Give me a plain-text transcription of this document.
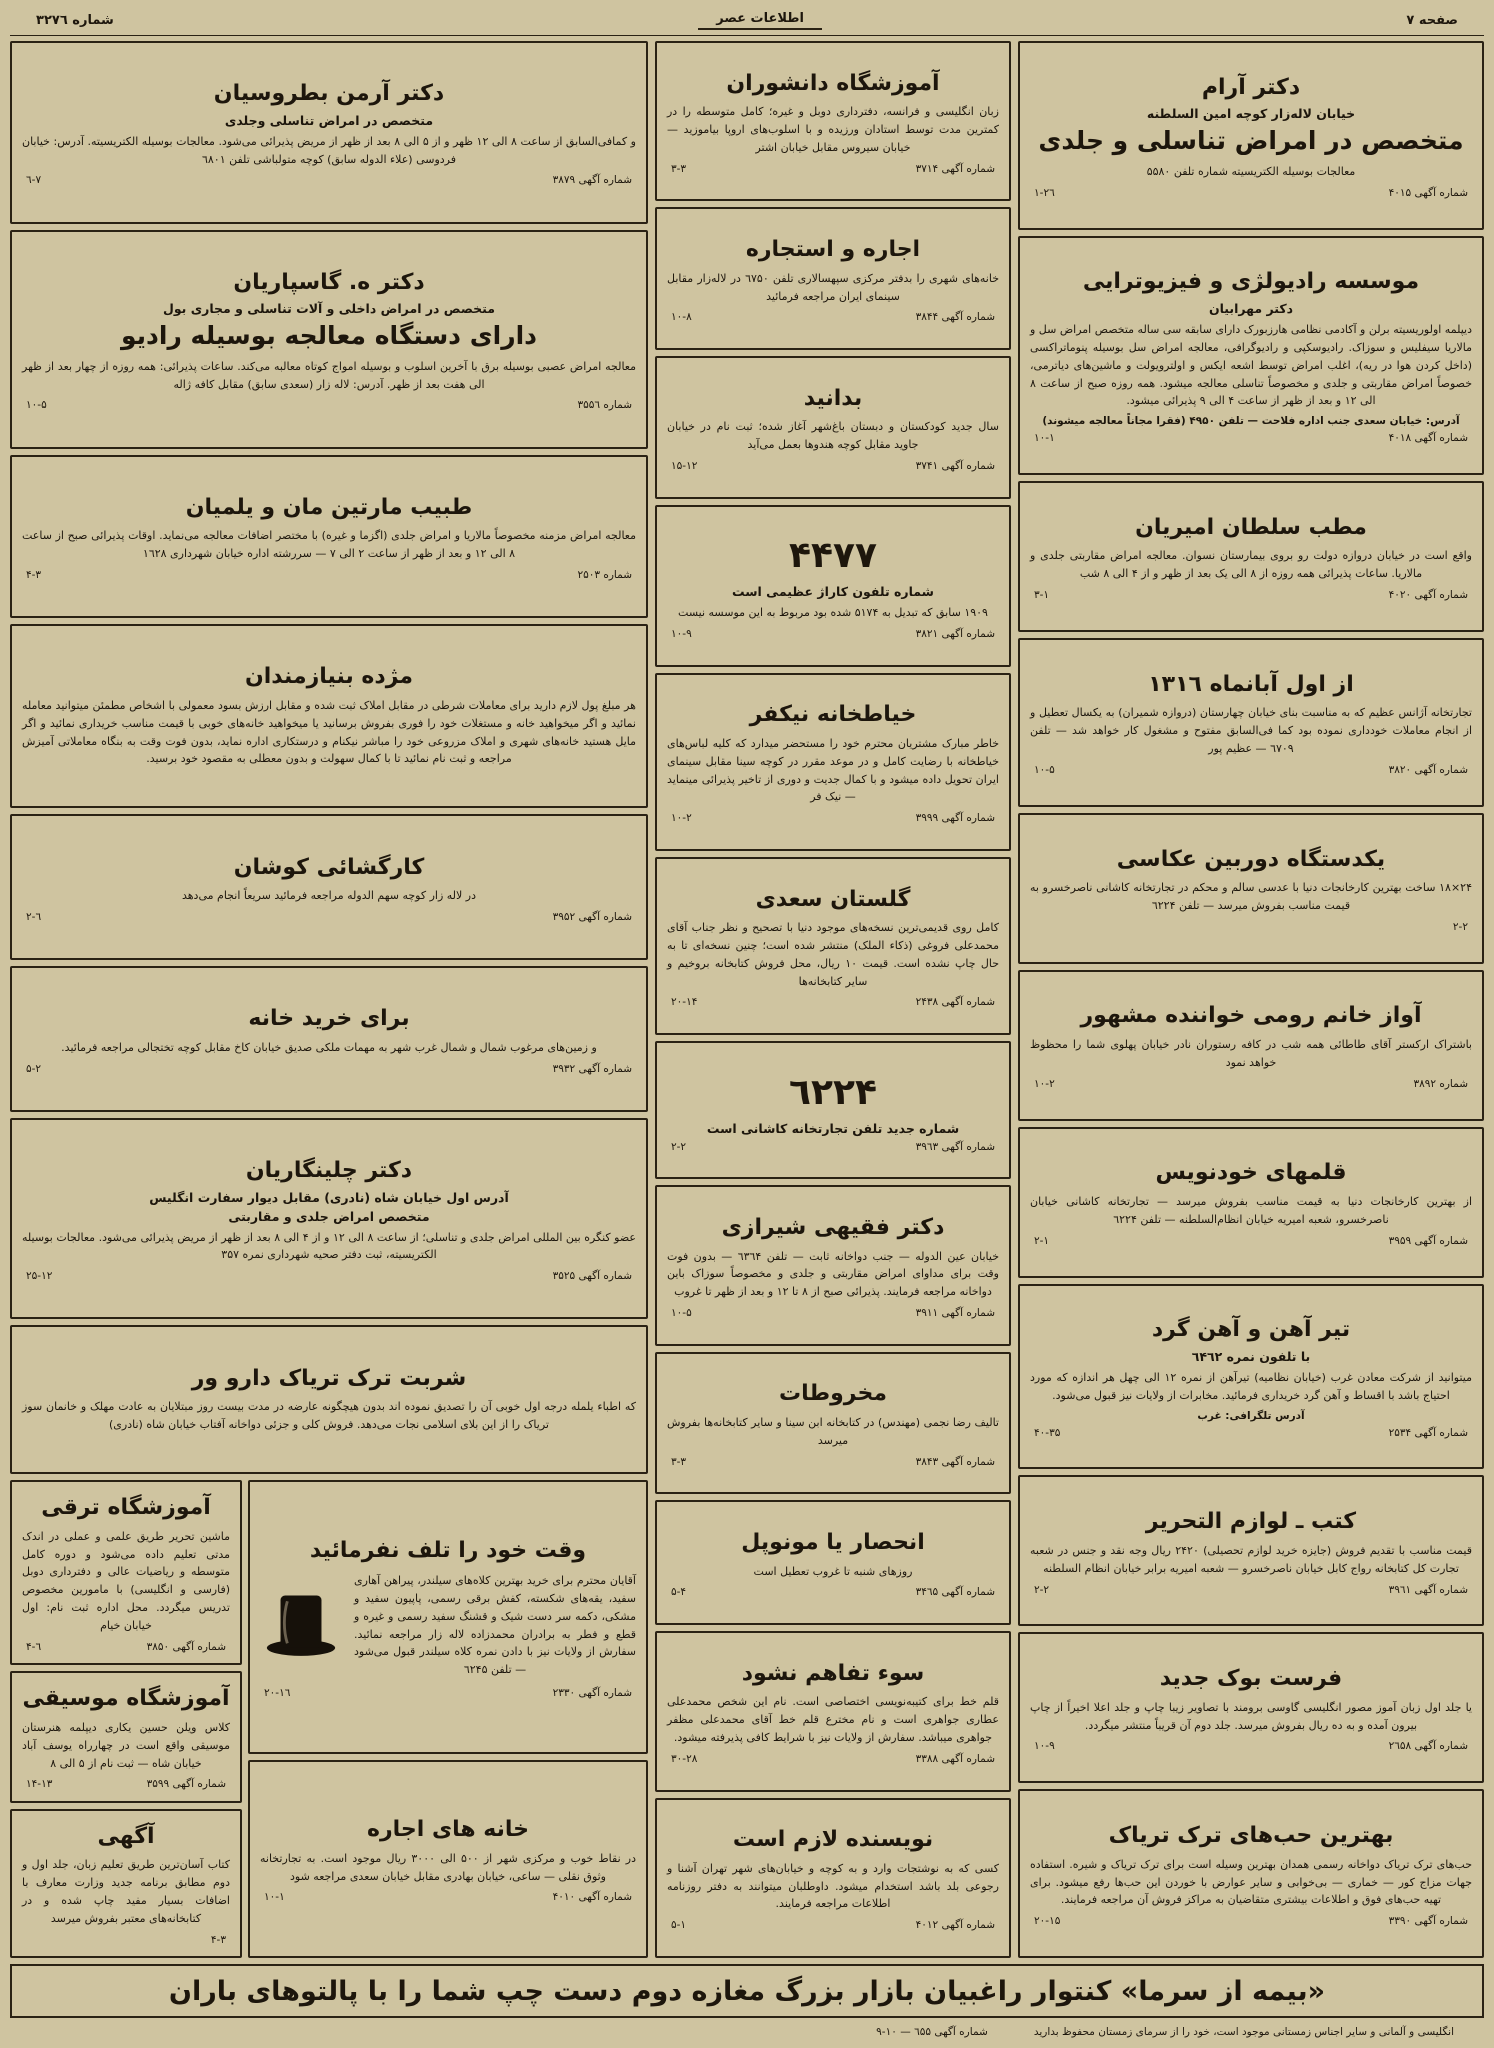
صفحه ۷
اطلاعات عصر
شماره ۳۲۷٦
دکتر آرام
خیابان لاله‌زار کوچه امین السلطنه
متخصص در امراض تناسلی و جلدی

معالجات بوسیله الکتریسیته شماره تلفن ۵۵۸۰

شماره آگهی ۴۰۱۵
۲٦-۱
موسسه رادیولژی و فیزیوترایی
دکتر مهرابیان

دیپلمه اولوریسیته برلن و آکادمی نظامی هارزبورک دارای سابقه سی ساله متخصص امراض سل و مالاریا سیفلیس و سوزاک. رادیوسکپی و رادیوگرافی، معالجه امراض سل بوسیله پنوماتراکسی (داخل کردن هوا در ریه)، اغلب امراض توسط اشعه ایکس و اولترویولت و ماشین‌های دیاترمی، خصوصاً امراض مقاربتی و جلدی و مخصوصاً تناسلی معالجه میشود. همه روزه صبح از ساعت ۸ الی ۱۲ و بعد از ظهر از ساعت ۴ الی ۹ پذیرائی میشود.

آدرس: خیابان سعدی جنب اداره فلاحت — تلفن ۴۹۵۰ (فقرا مجاناً معالجه میشوند)

شماره آگهی ۴۰۱۸
۱۰-۱
مطب سلطان امیریان

واقع است در خیابان دروازه دولت رو بروی بیمارستان نسوان. معالجه امراض مقاربتی جلدی و مالاریا. ساعات پذیرائی همه روزه از ۸ الی یک بعد از ظهر و از ۴ الی ۸ شب

شماره آگهی ۴۰۲۰
۳-۱
از اول آبانماه ۱۳۱٦

تجارتخانه آژانس عظیم که به مناسبت بنای خیابان چهارستان (دروازه شمیران) به یکسال تعطیل و از انجام معاملات خودداری نموده بود کما فی‌السابق مفتوح و مشغول کار خواهد شد — تلفن ٦۷۰۹ — عظیم پور

شماره آگهی ۳۸۲۰
۱۰-۵
یکدستگاه دوربین عکاسی

۲۴×۱۸ ساخت بهترین کارخانجات دنیا با عدسی سالم و محکم در تجارتخانه کاشانی ناصرخسرو به قیمت مناسب بفروش میرسد — تلفن ٦۲۲۴

۲-۲
آواز خانم رومی خواننده مشهور

باشتراک ارکستر آقای طاطائی همه شب در کافه رستوران نادر خیابان پهلوی شما را محظوظ خواهد نمود

شماره ۳۸۹۲
۱۰-۲
قلمهای خودنویس

از بهترین کارخانجات دنیا به قیمت مناسب بفروش میرسد — تجارتخانه کاشانی خیابان ناصرخسرو، شعبه امیریه خیابان انظام‌السلطنه — تلفن ٦۲۲۴

شماره آگهی ۳۹۵۹
۲-۱
تیر آهن و آهن گرد
با تلفون نمره ٦۴٦۲

میتوانید از شرکت معادن غرب (خیابان نظامیه) تیرآهن از نمره ۱۲ الی چهل هر اندازه که مورد احتیاج باشد با اقساط و آهن گرد خریداری فرمائید. مخابرات از ولایات نیز قبول می‌شود.

آدرس تلگرافی: غرب

شماره آگهی ۲۵۳۴
۴۰-۳۵
کتب ـ لوازم التحریر

قیمت مناسب با تقدیم فروش (جایزه خرید لوازم تحصیلی) ۲۴۲۰ ریال وجه نقد و جنس در شعبه تجارت کل کتابخانه رواج کابل خیابان ناصرخسرو — شعبه امیریه برابر خیابان انظام السلطنه

شماره آگهی ۳۹٦۱
۲-۲
فرست بوک جدید

یا جلد اول زبان آموز مصور انگلیسی گاوسی برومند با تصاویر زیبا چاپ و جلد اعلا اخیراً از چاپ بیرون آمده و به ده ریال بفروش میرسد. جلد دوم آن قریباً منتشر میگردد.

شماره آگهی ۲٦۵۸
۱۰-۹
بهترین حب‌های ترک تریاک

حب‌های ترک تریاک دواخانه رسمی همدان بهترین وسیله است برای ترک تریاک و شیره. استفاده جهات مزاج کور — خماری — بی‌خوابی و سایر عوارض با خوردن این حب‌ها رفع میشود. برای تهیه حب‌های فوق و اطلاعات بیشتری متقاضیان به مراکز فروش آن مراجعه فرمایند.

شماره آگهی ۳۳۹۰
۲۰-۱۵
آموزشگاه دانشوران

زبان انگلیسی و فرانسه، دفترداری دوبل و غیره؛ کامل متوسطه را در کمترین مدت توسط استادان ورزیده و با اسلوب‌های اروپا بیاموزید — خیابان سیروس مقابل خیابان اشتر

شماره آگهی ۳۷۱۴
۳-۳
اجاره و استجاره

خانه‌های شهری را بدفتر مرکزی سپهسالاری تلفن ٦۷۵۰ در لاله‌زار مقابل سینمای ایران مراجعه فرمائید

شماره آگهی ۳۸۴۴
۱۰-۸
بدانید

سال جدید کودکستان و دبستان باغ‌شهر آغاز شده؛ ثبت نام در خیابان جاوید مقابل کوچه هندوها بعمل می‌آید

شماره آگهی ۳۷۴۱
۱۵-۱۲
۴۴۷۷
شماره تلفون کاراژ عظیمی است

۱۹۰۹ سابق که تبدیل به ۵۱۷۴ شده بود مربوط به این موسسه نیست

شماره آگهی ۳۸۲۱
۱۰-۹
خیاطخانه نیکفر

خاطر مبارک مشتریان محترم خود را مستحضر میدارد که کلیه لباس‌های خیاطخانه با رضایت کامل و در موعد مقرر در کوچه سینا مقابل سینمای ایران تحویل داده میشود و با کمال جدیت و دوری از تاخیر پذیرائی مینماید — نیک فر

شماره آگهی ۳۹۹۹
۱۰-۲
گلستان سعدی

کامل روی قدیمی‌ترین نسخه‌های موجود دنیا با تصحیح و نظر جناب آقای محمدعلی فروغی (ذکاء الملک) منتشر شده است؛ چنین نسخه‌ای تا به حال چاپ نشده است. قیمت ۱۰ ریال، محل فروش کتابخانه بروخیم و سایر کتابخانه‌ها

شماره آگهی ۲۴۳۸
۲۰-۱۴
٦۲۲۴
شماره جدید تلفن تجارتخانه کاشانی است
شماره آگهی ۳۹٦۳
۲-۲
دکتر فقیهی شیرازی

خیابان عین الدوله — جنب دواخانه ثابت — تلفن ٦۳٦۴ — بدون فوت وقت برای مداوای امراض مقاربتی و جلدی و مخصوصاً سوزاک باین دواخانه مراجعه فرمایند. پذیرائی صبح از ۸ تا ۱۲ و بعد از ظهر تا غروب

شماره آگهی ۳۹۱۱
۱۰-۵
مخروطات

تالیف رضا نجمی (مهندس) در کتابخانه ابن سینا و سایر کتابخانه‌ها بفروش میرسد

شماره آگهی ۳۸۴۳
۳-۳
انحصار یا مونوپل

روزهای شنبه تا غروب تعطیل است

شماره آگهی ۳۴٦۵
۵-۴
سوء تفاهم نشود

قلم خط برای کتیبه‌نویسی اختصاصی است. نام این شخص محمدعلی عطاری جواهری است و نام مخترع قلم خط آقای محمدعلی مظفر جواهری میباشد. سفارش از ولایات نیز با شرایط کافی پذیرفته میشود.

شماره آگهی ۳۳۸۸
۳۰-۲۸
نویسنده لازم است

کسی که به نوشتجات وارد و به کوچه و خیابان‌های شهر تهران آشنا و رجوعی بلد باشد استخدام میشود. داوطلبان میتوانند به دفتر روزنامه اطلاعات مراجعه فرمایند.

شماره آگهی ۴۰۱۲
۵-۱
دکتر آرمن بطروسیان
متخصص در امراض تناسلی وجلدی

و کمافی‌السابق از ساعت ۸ الی ۱۲ ظهر و از ۵ الی ۸ بعد از ظهر از مریض پذیرائی می‌شود. معالجات بوسیله الکتریسیته. آدرس: خیابان فردوسی (علاء الدوله سابق) کوچه متولباشی تلفن ٦۸۰۱

شماره آگهی ۳۸۷۹
۷-٦
دکتر ه. گاسپاریان
متخصص در امراض داخلی و آلات تناسلی و مجاری بول
دارای دستگاه معالجه بوسیله رادیو

معالجه امراض عصبی بوسیله برق با آخرین اسلوب و بوسیله امواج کوتاه معالبه می‌کند. ساعات پذیرائی: همه روزه از چهار بعد از ظهر الی هفت بعد از ظهر. آدرس: لاله زار (سعدی سابق) مقابل کافه ژاله

شماره ۳۵۵٦
۱۰-۵
طبیب مارتین مان و یلمیان

معالجه امراض مزمنه مخصوصاً مالاریا و امراض جلدی (اگزما و غیره) با مختصر اضافات معالجه می‌نماید. اوقات پذیرائی صبح از ساعت ۸ الی ۱۲ و بعد از ظهر از ساعت ۲ الی ۷ — سررشته اداره خیابان شهرداری ۱٦۲۸

شماره ۲۵۰۳
۴-۳
مژده بنیازمندان

هر مبلغ پول لازم دارید برای معاملات شرطی در مقابل املاک ثبت شده و مقابل ارزش بسود معمولی با اشخاص مطمئن میتوانید معامله نمائید و اگر میخواهید خانه و مستغلات خود را فوری بفروش برسانید یا میخواهید خانه‌های خوبی با قیمت مناسب خریداری نمائید و اگر مایل هستید خانه‌های شهری و املاک مزروعی خود را مباشر نیکنام و درستکاری اداره نماید، بدون فوت وقت به بنگاه معاملاتی آمیزش مراجعه و ثبت نام نمائید تا با کمال سهولت و بدون معطلی به مقصود خود برسید.

کارگشائی کوشان

در لاله زار کوچه سهم الدوله مراجعه فرمائید سریعاً انجام می‌دهد

شماره آگهی ۳۹۵۲
٦-۲
برای خرید خانه

و زمین‌های مرغوب شمال و شمال غرب شهر به مهمات ملکی صدیق خیابان کاخ مقابل کوچه تختجالی مراجعه فرمائید.

شماره آگهی ۳۹۳۲
۵-۲
دکتر چلینگاریان
آدرس اول خیابان شاه (نادری) مقابل دیوار سفارت انگلیس
متخصص امراض جلدی و مقاربتی

عضو کنگره بین المللی امراض جلدی و تناسلی؛ از ساعت ۸ الی ۱۲ و از ۴ الی ۸ بعد از ظهر از مریض پذیرائی می‌شود. معالجات بوسیله الکتریسیته، ثبت دفتر صحیه شهرداری نمره ۳۵۷

شماره آگهی ۳۵۲۵
۲۵-۱۲
شربت ترک تریاک دارو ور

که اطباء یلمله درجه اول خوبی آن را تصدیق نموده اند بدون هیچگونه عارضه در مدت بیست روز مبتلایان به عادت مهلک و خانمان سوز تریاک را از این بلای اسلامی نجات می‌دهد. فروش کلی و جزئی دواخانه آفتاب خیابان شاه (نادری)

وقت خود را تلف نفرمائید

آقایان محترم برای خرید بهترین کلاه‌های سیلندر، پیراهن آهاری سفید، یقه‌های شکسته، کفش برقی رسمی، پاپیون سفید و مشکی، دکمه سر دست شیک و قشنگ سفید رسمی و غیره و قطع و فطر به برادران محمدزاده لاله زار مراجعه نمائید. سفارش از ولایات نیز با دادن نمره کلاه سیلندر قبول می‌شود — تلفن ٦۲۴۵

شماره آگهی ۲۳۳۰
۲۰-۱٦
خانه های اجاره

در نقاط خوب و مرکزی شهر از ۵۰۰ الی ۳۰۰۰ ریال موجود است. به تجارتخانه وثوق نقلی — ساعی، خیابان بهادری مقابل خیابان سعدی مراجعه شود

شماره آگهی ۴۰۱۰
۱۰-۱
آموزشگاه ترقی

ماشین تحریر طریق علمی و عملی در اندک مدتی تعلیم داده می‌شود و دوره کامل متوسطه و ریاضیات عالی و دفترداری دوبل (فارسی و انگلیسی) با مامورین مخصوص تدریس میگردد. محل اداره ثبت نام: اول خیابان خیام

شماره آگهی ۳۸۵۰
٦-۴
آموزشگاه موسیقی

کلاس ویلن حسین یکاری دیپلمه هنرستان موسیقی واقع است در چهارراه یوسف آباد خیابان شاه — ثبت نام از ۵ الی ۸

شماره آگهی ۳۵۹۹
۱۴-۱۳
آگهی

کتاب آسان‌ترین طریق تعلیم زبان، جلد اول و دوم مطابق برنامه جدید وزارت معارف با اضافات بسیار مفید چاپ شده و در کتابخانه‌های معتبر بفروش میرسد

۴-۳
«بیمه از سرما» کنتوار راغبیان بازار بزرگ مغازه دوم دست چپ شما را با پالتوهای باران
انگلیسی و آلمانی و سایر اجناس زمستانی موجود است، خود را از سرمای زمستان محفوظ بدارید
شماره آگهی ٦۵۵ — ۱۰-۹
